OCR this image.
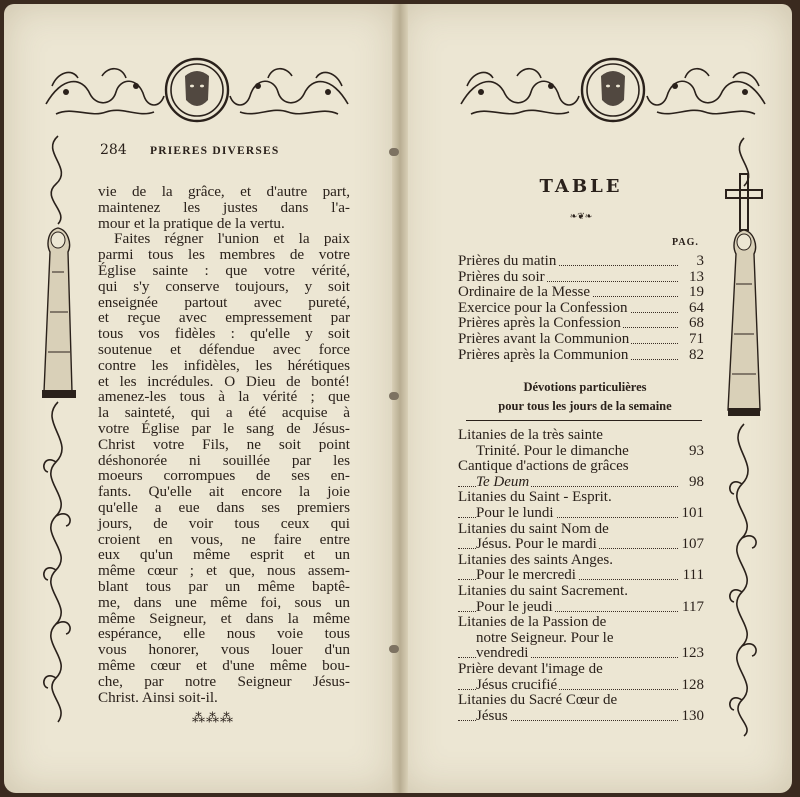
284 PRIERES DIVERSES
vie de la grâce, et d'autre part,
maintenez les justes dans l'a-
mour et la pratique de la vertu.
Faites régner l'union et la paix
parmi tous les membres de votre
Église sainte : que votre vérité,
qui s'y conserve toujours, y soit
enseignée partout avec pureté,
et reçue avec empressement par
tous vos fidèles : qu'elle y soit
soutenue et défendue avec force
contre les infidèles, les hérétiques
et les incrédules. O Dieu de bonté!
amenez-les tous à la vérité ; que
la sainteté, qui a été acquise à
votre Église par le sang de Jésus-
Christ votre Fils, ne soit point
déshonorée ni souillée par les
moeurs corrompues de ses en-
fants. Qu'elle ait encore la joie
qu'elle a eue dans ses premiers
jours, de voir tous ceux qui
croient en vous, ne faire entre
eux qu'un même esprit et un
même cœur ; et que, nous assem-
blant tous par un même baptê-
me, dans une même foi, sous un
même Seigneur, et dans la même
espérance, elle nous voie tous
vous honorer, vous louer d'un
même cœur et d'une même bou-
che, par notre Seigneur Jésus-
Christ. Ainsi soit-il.
⁂⁂⁂
TABLE
❧❦❧
PAG.
Prières du matin	3
Prières du soir	13
Ordinaire de la Messe	19
Exercice pour la Confession	64
Prières après la Confession	68
Prières avant la Communion	71
Prières après la Communion	82
Dévotions particulières
pour tous les jours de la semaine
Litanies de la très sainte
Trinité. Pour le dimanche	93
Cantique d'actions de grâces
Te Deum	98
Litanies du Saint - Esprit.
Pour le lundi	101
Litanies du saint Nom de
Jésus. Pour le mardi	107
Litanies des saints Anges.
Pour le mercredi	111
Litanies du saint Sacrement.
Pour le jeudi	117
Litanies de la Passion de
notre Seigneur. Pour le
vendredi	123
Prière devant l'image de
Jésus crucifié	128
Litanies du Sacré Cœur de
Jésus	130
